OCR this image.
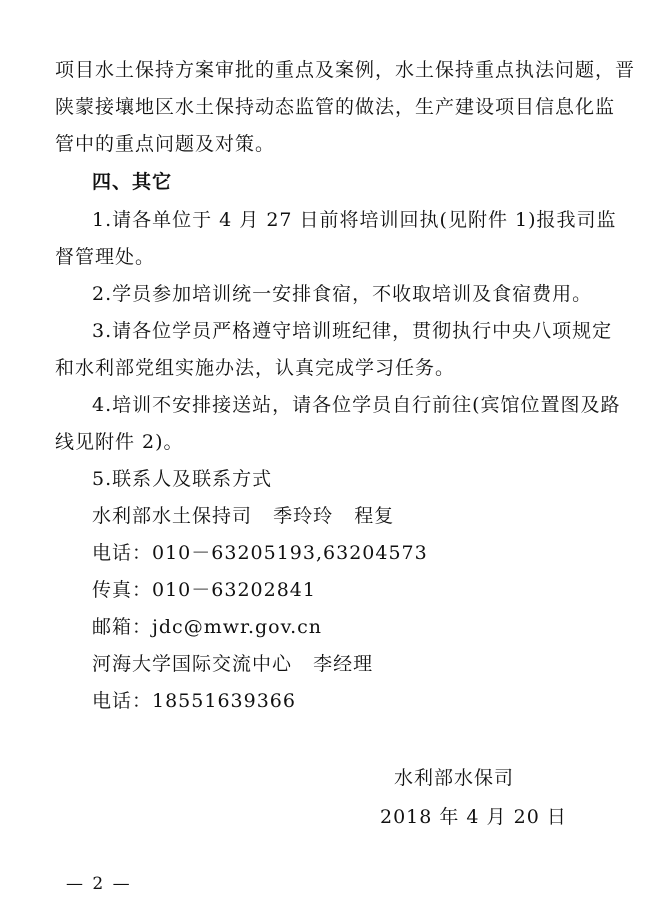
项目水土保持方案审批的重点及案例，水土保持重点执法问题，晋
陕蒙接壤地区水土保持动态监管的做法，生产建设项目信息化监
管中的重点问题及对策。
四、其它
1.请各单位于 4 月 27 日前将培训回执(见附件 1)报我司监
督管理处。
2.学员参加培训统一安排食宿，不收取培训及食宿费用。
3.请各位学员严格遵守培训班纪律，贯彻执行中央八项规定
和水利部党组实施办法，认真完成学习任务。
4.培训不安排接送站，请各位学员自行前往(宾馆位置图及路
线见附件 2)。
5.联系人及联系方式
水利部水土保持司   季玲玲   程复
电话：010－63205193,63204573
传真：010－63202841
邮箱：jdc@mwr.gov.cn
河海大学国际交流中心   李经理
电话：18551639366
水利部水保司
2018 年 4 月 20 日
— 2 —
